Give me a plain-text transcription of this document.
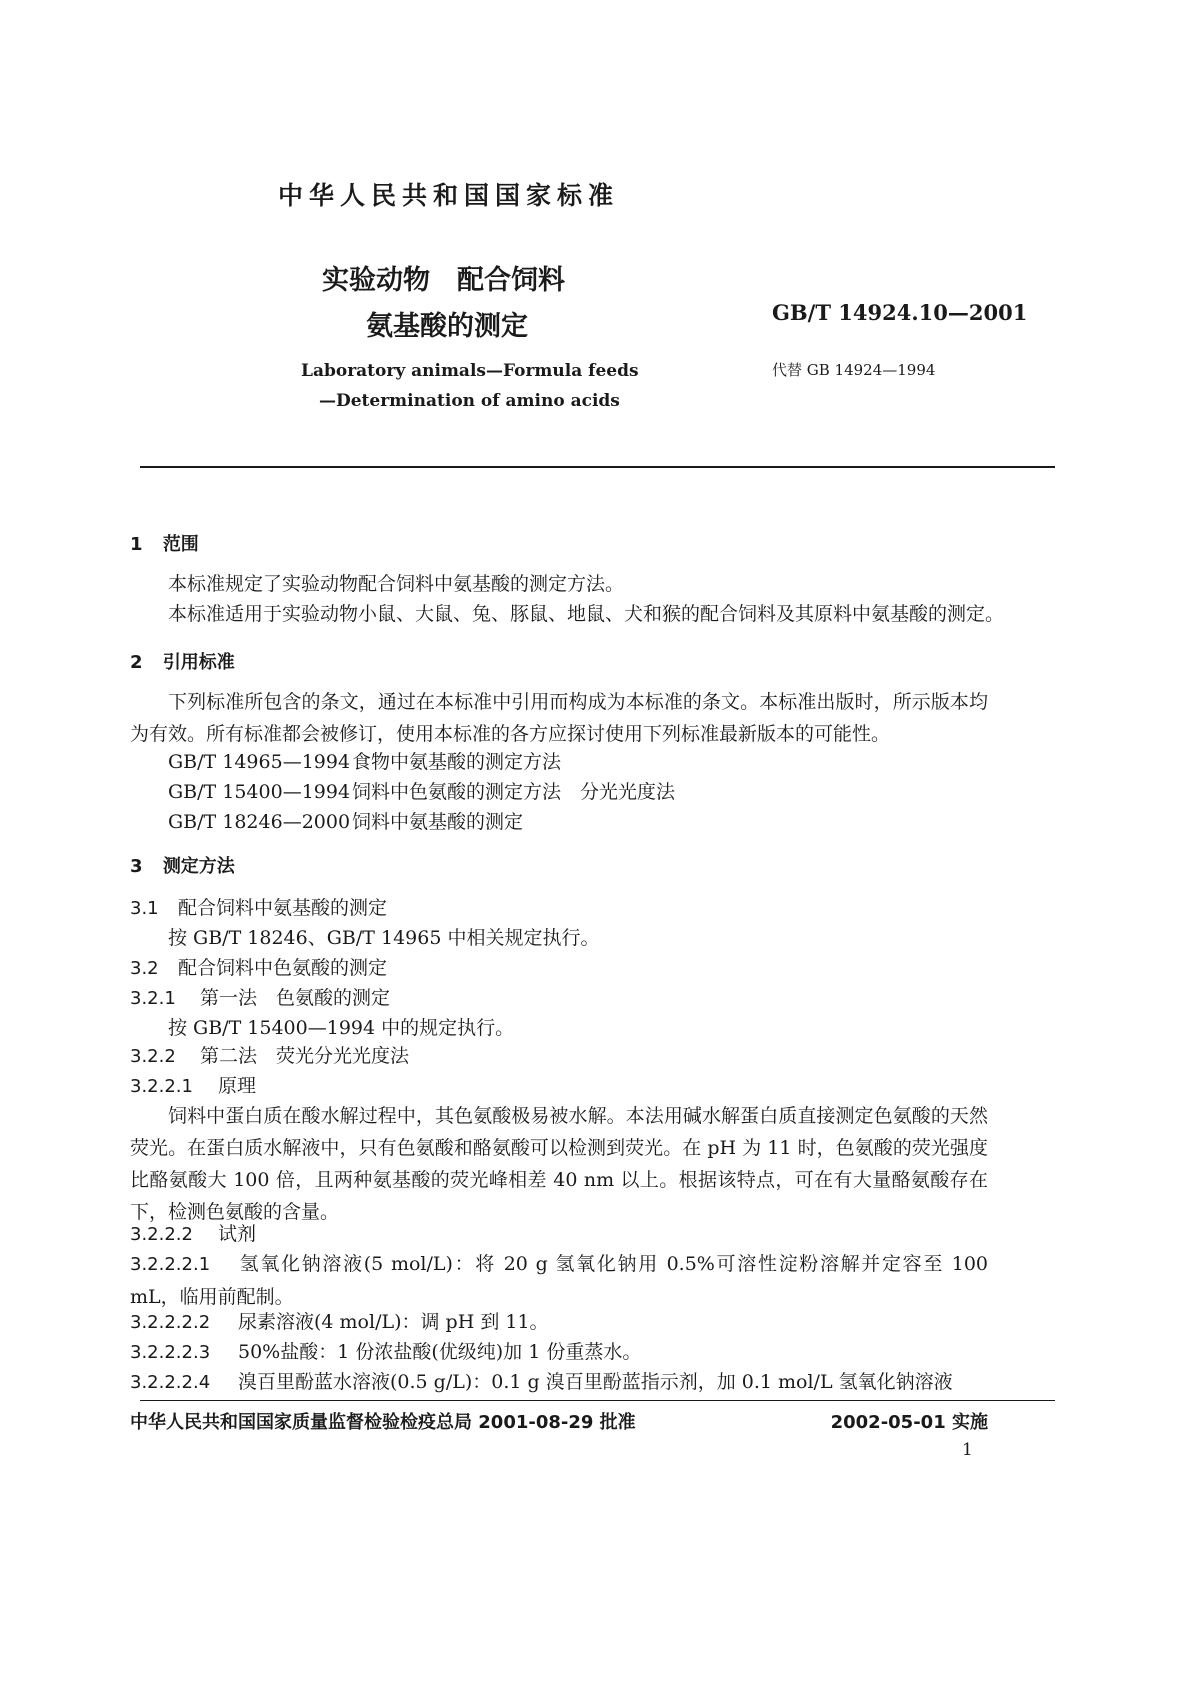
中华人民共和国国家标准
实验动物　配合饲料
氨基酸的测定	GB/T 14924.10—2001
Laboratory animals—Formula feeds
—Determination of amino acids
代替 GB 14924—1994
1 范围
本标准规定了实验动物配合饲料中氨基酸的测定方法。
本标准适用于实验动物小鼠、大鼠、兔、豚鼠、地鼠、犬和猴的配合饲料及其原料中氨基酸的测定。
2 引用标准
下列标准所包含的条文，通过在本标准中引用而构成为本标准的条文。本标准出版时，所示版本均为有效。所有标准都会被修订，使用本标准的各方应探讨使用下列标准最新版本的可能性。
GB/T 14965—1994 食物中氨基酸的测定方法
GB/T 15400—1994 饲料中色氨酸的测定方法　分光光度法
GB/T 18246—2000 饲料中氨基酸的测定
3 测定方法
3.1 配合饲料中氨基酸的测定
按 GB/T 18246、GB/T 14965 中相关规定执行。
3.2 配合饲料中色氨酸的测定
3.2.1 第一法　色氨酸的测定
按 GB/T 15400—1994 中的规定执行。
3.2.2 第二法　荧光分光光度法
3.2.2.1 原理
饲料中蛋白质在酸水解过程中，其色氨酸极易被水解。本法用碱水解蛋白质直接测定色氨酸的天然荧光。在蛋白质水解液中，只有色氨酸和酪氨酸可以检测到荧光。在 pH 为 11 时，色氨酸的荧光强度比酪氨酸大 100 倍，且两种氨基酸的荧光峰相差 40 nm 以上。根据该特点，可在有大量酪氨酸存在下，检测色氨酸的含量。
3.2.2.2 试剂
3.2.2.2.1 氢氧化钠溶液(5 mol/L)：将 20 g 氢氧化钠用 0.5%可溶性淀粉溶解并定容至 100 mL，临用前配制。
3.2.2.2.2 尿素溶液(4 mol/L)：调 pH 到 11。
3.2.2.2.3 50%盐酸：1 份浓盐酸(优级纯)加 1 份重蒸水。
3.2.2.2.4 溴百里酚蓝水溶液(0.5 g/L)：0.1 g 溴百里酚蓝指示剂，加 0.1 mol/L 氢氧化钠溶液
中华人民共和国国家质量监督检验检疫总局 2001-08-29 批准	2002-05-01 实施
1
